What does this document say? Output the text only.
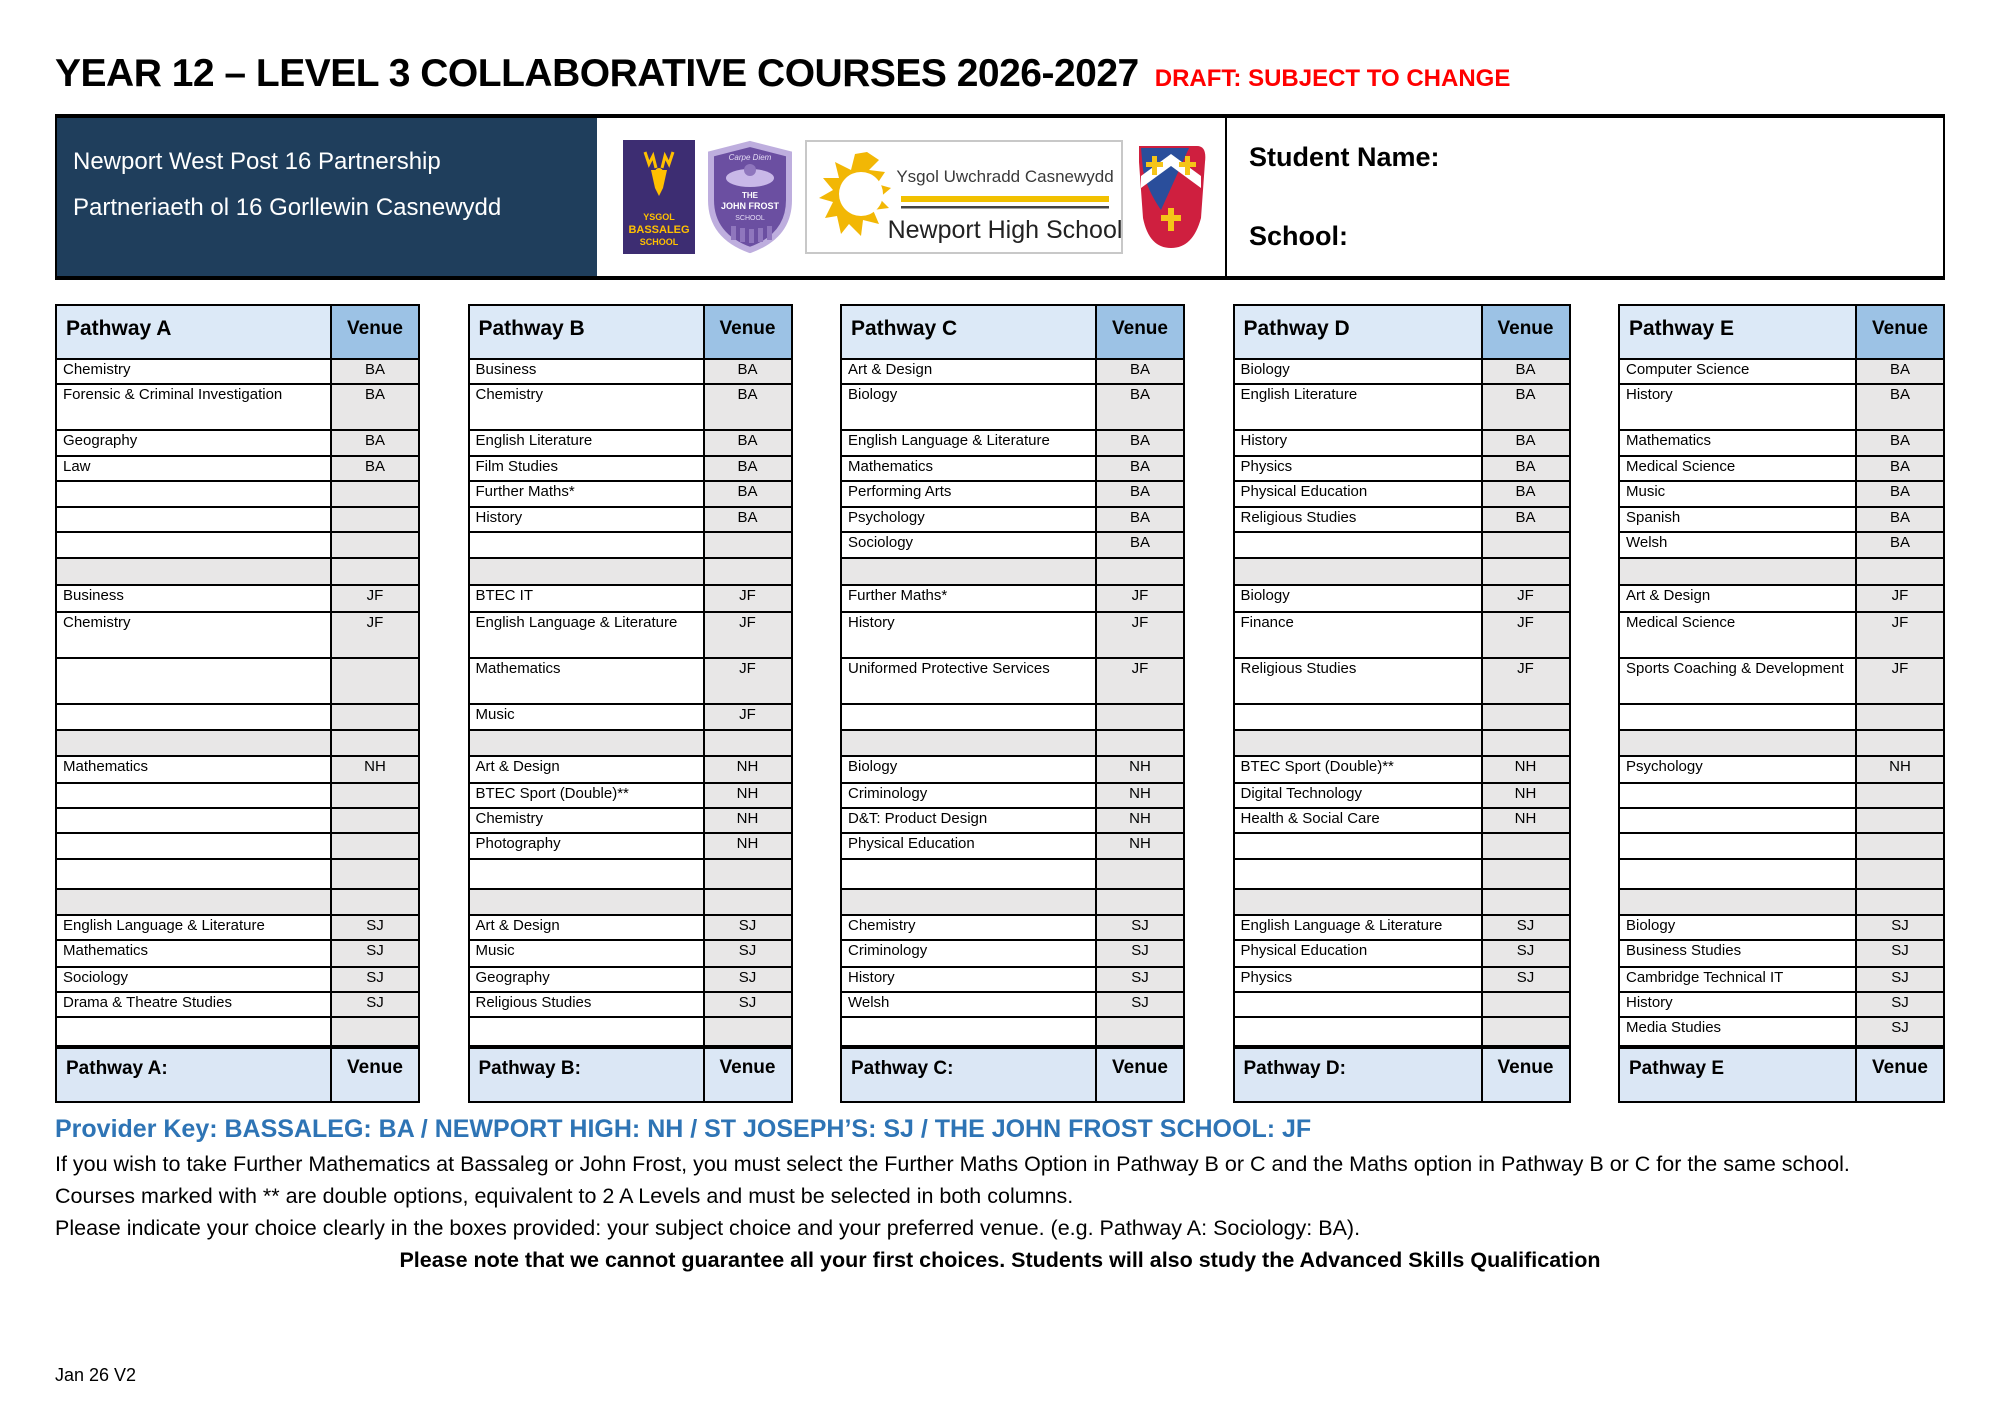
YEAR 12 – LEVEL 3 COLLABORATIVE COURSES 2026-2027 DRAFT: SUBJECT TO CHANGE
Newport West Post 16 Partnership
Partneriaeth ol 16 Gorllewin Casnewydd	YSGOL
BASSALEG
SCHOOL
Carpe Diem
THE
JOHN FROST
SCHOOL
Ysgol Uwchradd Casnewydd
Newport High School
Student Name:
School:
Pathway A	Venue
Chemistry	BA
Forensic & Criminal Investigation	BA
Geography	BA
Law	BA
Business	JF
Chemistry	JF
Mathematics	NH
English Language & Literature	SJ
Mathematics	SJ
Sociology	SJ
Drama & Theatre Studies	SJ
Pathway A:	Venue
Pathway B	Venue
Business	BA
Chemistry	BA
English Literature	BA
Film Studies	BA
Further Maths*	BA
History	BA
BTEC IT	JF
English Language & Literature	JF
Mathematics	JF
Music	JF
Art & Design	NH
BTEC Sport (Double)**	NH
Chemistry	NH
Photography	NH
Art & Design	SJ
Music	SJ
Geography	SJ
Religious Studies	SJ
Pathway B:	Venue
Pathway C	Venue
Art & Design	BA
Biology	BA
English Language & Literature	BA
Mathematics	BA
Performing Arts	BA
Psychology	BA
Sociology	BA
Further Maths*	JF
History	JF
Uniformed Protective Services	JF
Biology	NH
Criminology	NH
D&T: Product Design	NH
Physical Education	NH
Chemistry	SJ
Criminology	SJ
History	SJ
Welsh	SJ
Pathway C:	Venue
Pathway D	Venue
Biology	BA
English Literature	BA
History	BA
Physics	BA
Physical Education	BA
Religious Studies	BA
Biology	JF
Finance	JF
Religious Studies	JF
BTEC Sport (Double)**	NH
Digital Technology	NH
Health & Social Care	NH
English Language & Literature	SJ
Physical Education	SJ
Physics	SJ
Pathway D:	Venue
Pathway E	Venue
Computer Science	BA
History	BA
Mathematics	BA
Medical Science	BA
Music	BA
Spanish	BA
Welsh	BA
Art & Design	JF
Medical Science	JF
Sports Coaching & Development	JF
Psychology	NH
Biology	SJ
Business Studies	SJ
Cambridge Technical IT	SJ
History	SJ
Media Studies	SJ
Pathway E	Venue
Provider Key: BASSALEG: BA / NEWPORT HIGH: NH / ST JOSEPH’S: SJ / THE JOHN FROST SCHOOL: JF
If you wish to take Further Mathematics at Bassaleg or John Frost, you must select the Further Maths Option in Pathway B or C and the Maths option in Pathway B or C for the same school.
Courses marked with ** are double options, equivalent to 2 A Levels and must be selected in both columns.
Please indicate your choice clearly in the boxes provided: your subject choice and your preferred venue. (e.g. Pathway A: Sociology: BA).
Please note that we cannot guarantee all your first choices. Students will also study the Advanced Skills Qualification
Jan 26 V2
